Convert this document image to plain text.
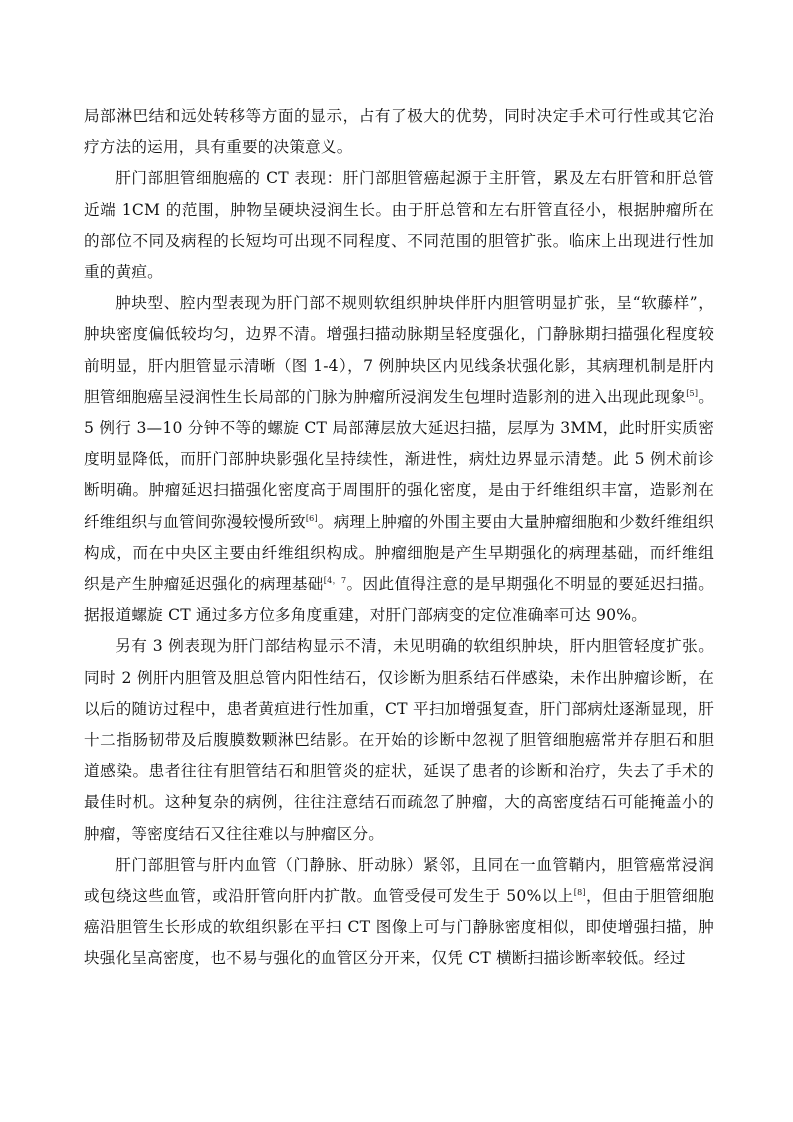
局部淋巴结和远处转移等方面的显示，占有了极大的优势，同时决定手术可行性或其它治疗方法的运用，具有重要的决策意义。

肝门部胆管细胞癌的 CT 表现：肝门部胆管癌起源于主肝管，累及左右肝管和肝总管近端 1CM 的范围，肿物呈硬块浸润生长。由于肝总管和左右肝管直径小，根据肿瘤所在的部位不同及病程的长短均可出现不同程度、不同范围的胆管扩张。临床上出现进行性加重的黄疸。

肿块型、腔内型表现为肝门部不规则软组织肿块伴肝内胆管明显扩张，呈“软藤样”，肿块密度偏低较均匀，边界不清。增强扫描动脉期呈轻度强化，门静脉期扫描强化程度较前明显，肝内胆管显示清晰（图 1-4），7 例肿块区内见线条状强化影，其病理机制是肝内胆管细胞癌呈浸润性生长局部的门脉为肿瘤所浸润发生包埋时造影剂的进入出现此现象[5]。5 例行 3—10 分钟不等的螺旋 CT 局部薄层放大延迟扫描，层厚为 3MM，此时肝实质密度明显降低，而肝门部肿块影强化呈持续性，渐进性，病灶边界显示清楚。此 5 例术前诊断明确。肿瘤延迟扫描强化密度高于周围肝的强化密度，是由于纤维组织丰富，造影剂在纤维组织与血管间弥漫较慢所致[6]。病理上肿瘤的外围主要由大量肿瘤细胞和少数纤维组织构成，而在中央区主要由纤维组织构成。肿瘤细胞是产生早期强化的病理基础，而纤维组织是产生肿瘤延迟强化的病理基础$^{[4,7}$。因此值得注意的是早期强化不明显的要延迟扫描。据报道螺旋 CT 通过多方位多角度重建，对肝门部病变的定位准确率可达 90%。

另有 3 例表现为肝门部结构显示不清，未见明确的软组织肿块，肝内胆管轻度扩张。同时 2 例肝内胆管及胆总管内阳性结石，仅诊断为胆系结石伴感染，未作出肿瘤诊断，在以后的随访过程中，患者黄疸进行性加重，CT 平扫加增强复查，肝门部病灶逐渐显现，肝十二指肠韧带及后腹膜数颗淋巴结影。在开始的诊断中忽视了胆管细胞癌常并存胆石和胆道感染。患者往往有胆管结石和胆管炎的症状，延误了患者的诊断和治疗，失去了手术的最佳时机。这种复杂的病例，往往注意结石而疏忽了肿瘤，大的高密度结石可能掩盖小的肿瘤，等密度结石又往往难以与肿瘤区分。

肝门部胆管与肝内血管（门静脉、肝动脉）紧邻，且同在一血管鞘内，胆管癌常浸润或包绕这些血管，或沿肝管向肝内扩散。血管受侵可发生于 50%以上[8]，但由于胆管细胞癌沿胆管生长形成的软组织影在平扫 CT 图像上可与门静脉密度相似，即使增强扫描，肿块强化呈高密度，也不易与强化的血管区分开来，仅凭 CT 横断扫描诊断率较低。经过
